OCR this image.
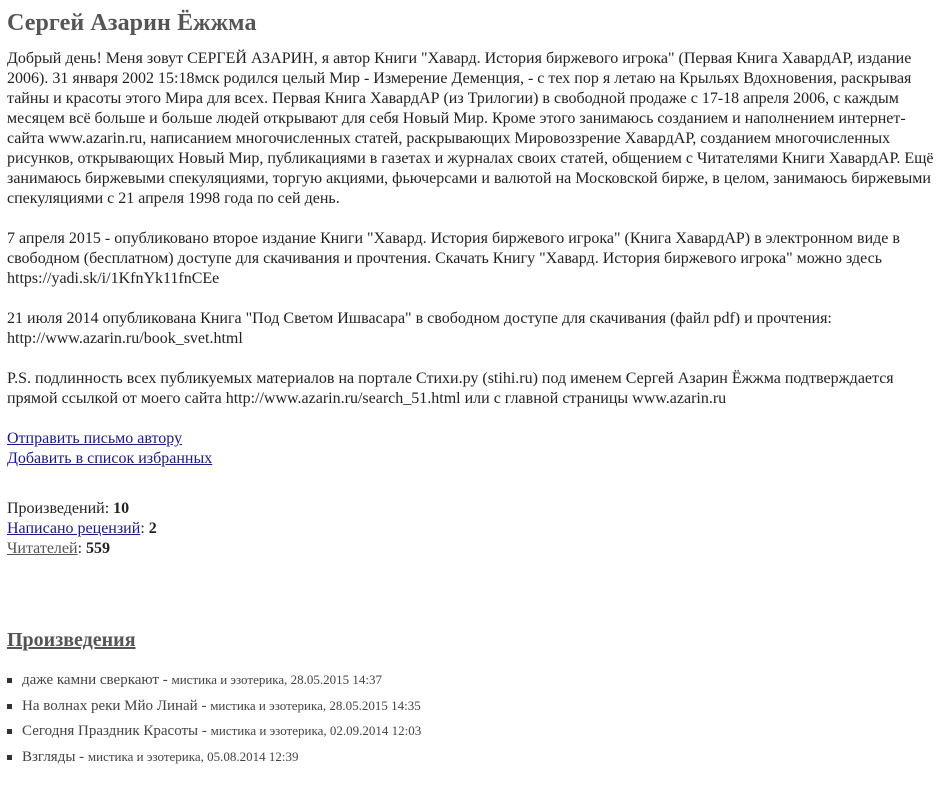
Сергей Азарин Ёжжма

Добрый день! Меня зовут СЕРГЕЙ АЗАРИН, я автор Книги "Хавард. История биржевого игрока" (Первая Книга ХавардАР, издание 2006). 31 января 2002 15:18мск родился целый Мир - Измерение Деменция, - с тех пор я летаю на Крыльях Вдохновения, раскрывая тайны и красоты этого Мира для всех. Первая Книга ХавардАР (из Трилогии) в свободной продаже с 17-18 апреля 2006, с каждым месяцем всё больше и больше людей открывают для себя Новый Мир. Кроме этого занимаюсь созданием и наполнением интернет-сайта www.azarin.ru, написанием многочисленных статей, раскрывающих Мировоззрение ХавардАР, созданием многочисленных рисунков, открывающих Новый Мир, публикациями в газетах и журналах своих статей, общением с Читателями Книги ХавардАР. Ещё занимаюсь биржевыми спекуляциями, торгую акциями, фьючерсами и валютой на Московской бирже, в целом, занимаюсь биржевыми спекуляциями с 21 апреля 1998 года по сей день.

7 апреля 2015 - опубликовано второе издание Книги "Хавард. История биржевого игрока" (Книга ХавардАР) в электронном виде в свободном (бесплатном) доступе для скачивания и прочтения. Скачать Книгу "Хавард. История биржевого игрока" можно здесь https://yadi.sk/i/1KfnYk11fnCEe

21 июля 2014 опубликована Книга "Под Светом Ишвасара" в свободном доступе для скачивания (файл pdf) и прочтения: http://www.azarin.ru/book_svet.html

P.S. подлинность всех публикуемых материалов на портале Стихи.ру (stihi.ru) под именем Сергей Азарин Ёжжма подтверждается прямой ссылкой от моего сайта http://www.azarin.ru/search_51.html или с главной страницы www.azarin.ru

Отправить письмо автору
Добавить в список избранных
Произведений: 10
Написано рецензий: 2
Читателей: 559
Произведения
даже камни сверкают - мистика и эзотерика, 28.05.2015 14:37
На волнах реки Мйо Линай - мистика и эзотерика, 28.05.2015 14:35
Сегодня Праздник Красоты - мистика и эзотерика, 02.09.2014 12:03
Взгляды - мистика и эзотерика, 05.08.2014 12:39
